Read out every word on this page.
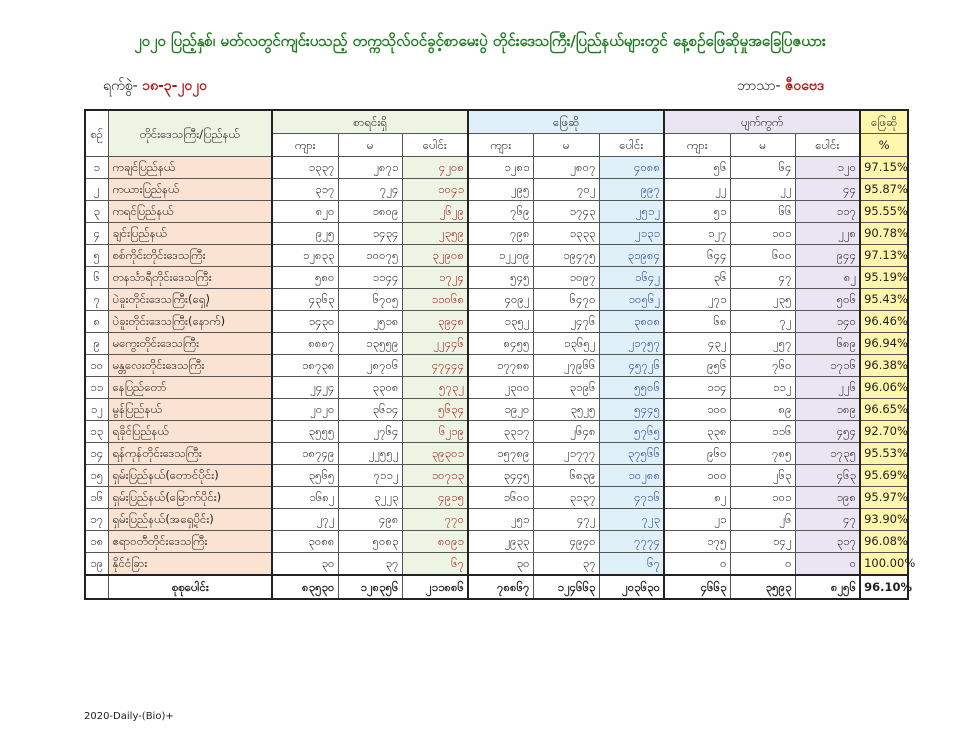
၂၀၂၀ ပြည့်နှစ်၊ မတ်လတွင်ကျင်းပသည့် တက္ကသိုလ်ဝင်ခွင့်စာမေးပွဲ တိုင်းဒေသကြီး/ပြည်နယ်များတွင် နေ့စဉ်ဖြေဆိုမှုအခြေပြဇယား
ရက်စွဲ- ၁၈-၃-၂၀၂၀	ဘာသာ- ဇီဝဗေဒ
စဉ်	တိုင်းဒေသကြီး/ပြည်နယ်	စာရင်းရှိ			ဖြေဆို			ပျက်ကွက်			ဖြေဆို
		ကျား	မ	ပေါင်း	ကျား	မ	ပေါင်း	ကျား	မ	ပေါင်း	%
၁	ကချင်ပြည်နယ်	၁၃၃၇	၂၈၇၁	၄၂၀၈	၁၂၈၁	၂၈၀၇	၄၀၈၈	၅၆	၆၄	၁၂၀	97.15%
၂	ကယားပြည်နယ်	၃၁၇	၇၂၄	၁၀၄၁	၂၉၅	၇၀၂	၉၉၇	၂၂	၂၂	၄၄	95.87%
၃	ကရင်ပြည်နယ်	၈၂၀	၁၈၀၉	၂၆၂၉	၇၆၉	၁၇၄၃	၂၅၁၂	၅၁	၆၆	၁၁၇	95.55%
၄	ချင်းပြည်နယ်	၉၂၅	၁၄၃၄	၂၃၅၉	၇၉၈	၁၃၃၃	၂၁၃၁	၁၂၇	၁၀၁	၂၂၈	90.78%
၅	စစ်ကိုင်းတိုင်းဒေသကြီး	၁၂၈၃၃	၁၀၀၇၅	၃၂၉၀၈	၁၂၂၀၉	၁၉၄၇၅	၃၁၉၈၄	၆၄၄	၆၀၀	၉၄၄	97.13%
၆	တနင်္သာရီတိုင်းဒေသကြီး	၅၈၀	၁၁၄၄	၁၇၂၄	၅၄၅	၁၀၉၇	၁၆၄၂	၃၆	၄၇	၈၂	95.19%
၇	ပဲခူးတိုင်းဒေသကြီး(ရှေ့)	၄၃၆၃	၆၇၀၅	၁၁၀၆၈	၄၀၉၂	၆၄၇၀	၁၀၅၆၂	၂၇၁	၂၃၅	၅၀၆	95.43%
၈	ပဲခူးတိုင်းဒေသကြီး(နောက်)	၁၄၃၀	၂၅၁၈	၃၉၄၈	၁၃၅၂	၂၄၇၆	၃၈၀၈	၆၈	၇၂	၁၄၀	96.46%
၉	မကွေးတိုင်းဒေသကြီး	၈၈၈၇	၁၃၅၅၉	၂၂၄၄၆	၈၄၅၅	၁၃၆၅၂	၂၁၇၅၇	၄၃၂	၂၅၇	၆၈၉	96.94%
၁၀	မန္တလေးတိုင်းဒေသကြီး	၁၈၇၃၈	၂၈၇၀၆	၄၇၄၄၄	၁၇၇၈၈	၂၇၉၆၆	၄၅၇၂၆	၉၅၆	၇၆၀	၁၇၁၆	96.38%
၁၁	နေပြည်တော်	၂၄၂၄	၃၃၀၈	၅၇၃၂	၂၃၀၀	၃၁၉၆	၅၅၀၆	၁၁၄	၁၁၂	၂၂၆	96.06%
၁၂	မွန်ပြည်နယ်	၂၀၂၀	၃၆၁၄	၅၆၃၄	၁၉၂၀	၃၅၂၅	၅၄၄၅	၁၀၀	၈၉	၁၈၉	96.65%
၁၃	ရခိုင်ပြည်နယ်	၃၅၅၅	၂၇၆၄	၆၂၁၉	၃၃၁၇	၂၆၄၈	၅၇၆၅	၃၃၈	၁၁၆	၄၅၄	92.70%
၁၄	ရန်ကုန်တိုင်းဒေသကြီး	၁၈၇၄၉	၂၂၅၅၂	၃၉၃၀၁	၁၅၇၈၉	၂၁၇၇၇	၃၇၅၆၆	၉၆၀	၇၈၅	၁၇၃၅	95.53%
၁၅	ရှမ်းပြည်နယ်(တောင်ပိုင်း)	၃၅၆၅	၇၁၁၂	၁၀၇၁၃	၃၄၄၅	၆၈၃၉	၁၀၂၈၈	၁၀၀	၂၆၃	၄၆၃	95.69%
၁၆	ရှမ်းပြည်နယ်(မြောက်ပိုင်း)	၁၆၈၂	၃၂၂၃	၄၉၁၅	၁၆၀၀	၃၁၃၇	၄၇၁၆	၈၂	၁၀၁	၁၉၈	95.97%
၁၇	ရှမ်းပြည်နယ်(အရှေ့ပိုင်း)	၂၇၂	၄၉၈	၇၇၀	၂၅၁	၄၇၂	၇၂၃	၂၁	၂၆	၄၇	93.90%
၁၈	ဧရာဝတီတိုင်းဒေသကြီး	၃၀၈၈	၅၀၈၃	၈၀၉၁	၂၉၃၃	၄၉၄၀	၇၇၇၄	၁၇၅	၁၄၂	၃၁၇	96.08%
၁၉	နိုင်ငံခြား	၃၀	၃၇	၆၇	၃၀	၃၇	၆၇	၀	၀	၀	100.00%
	စုစုပေါင်း	၈၃၅၃၀	၁၂၈၃၅၆	၂၁၁၈၈၆	၇၈၈၆၇	၁၂၄၆၆၃	၂၀၃၆၃၀	၄၆၆၃	၃၅၉၃	၈၂၅၆	96.10%
2020-Daily-(Bio)+
